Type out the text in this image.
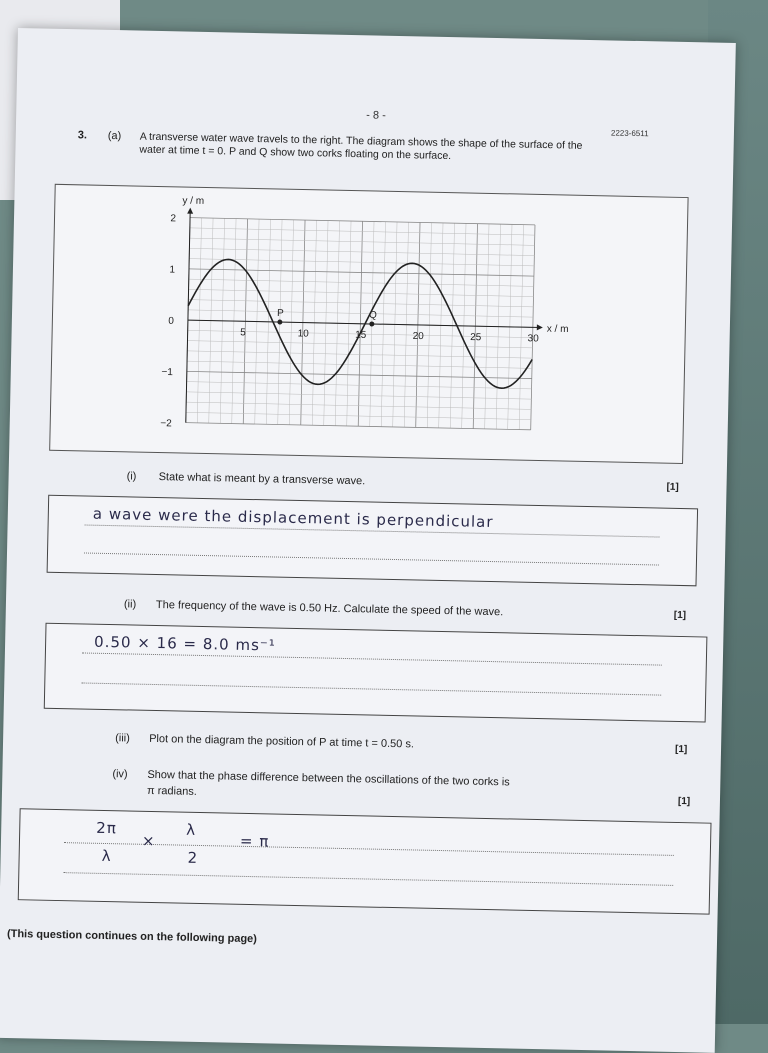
- 8 -
2223-6511
3. (a) A transverse water wave travels to the right. The diagram shows the shape of the surface of the water at time t = 0. P and Q show two corks floating on the surface.
y / m
x / m
5	10	15	20	25	30
2
1
0
−1
−2
P	Q
(i) State what is meant by a transverse wave.	[1]
a wave were the displacement is perpendicular
(ii) The frequency of the wave is 0.50 Hz. Calculate the speed of the wave.	[1]
0.50 × 16 = 8.0 ms⁻¹
(iii) Plot on the diagram the position of P at time t = 0.50 s.	[1]
(iv) Show that the phase difference between the oscillations of the two corks is
π radians.
[1]
2π
λ
×
λ
2
= π
(This question continues on the following page)
